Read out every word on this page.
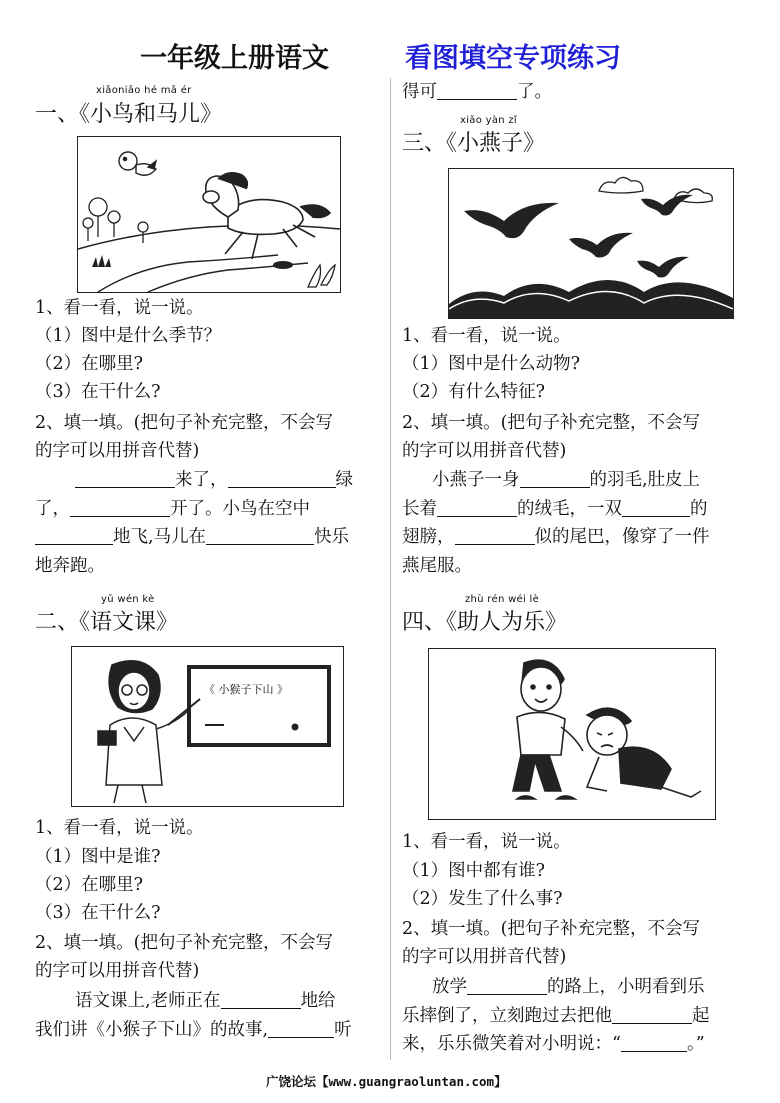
一年级上册语文	看图填空专项练习
xiǎoniǎo hé mǎ ér
一、《小鸟和马儿》
1、看一看，说一说。
（1）图中是什么季节？
（2）在哪里?
（3）在干什么?
2、填一填。(把句子补充完整，不会写
的字可以用拼音代替)
来了，	绿
了，	开了。小鸟在空中
地飞,马儿在	快乐
地奔跑。
yǔ wén kè
二、《语文课》
《 小猴子下山 》
1、看一看，说一说。
（1）图中是谁?
（2）在哪里?
（3）在干什么?
2、填一填。(把句子补充完整，不会写
的字可以用拼音代替)
语文课上,老师正在	地给
我们讲《小猴子下山》的故事,	听
得可	了。
xiǎo yàn zǐ
三、《小燕子》
1、看一看，说一说。
（1）图中是什么动物?
（2）有什么特征?
2、填一填。(把句子补充完整，不会写
的字可以用拼音代替)
小燕子一身	的羽毛,肚皮上
长着	的绒毛，一双	的
翅膀，	似的尾巴，像穿了一件
燕尾服。
zhù rén wéi lè
四、《助人为乐》
1、看一看，说一说。
（1）图中都有谁?
（2）发生了什么事?
2、填一填。(把句子补充完整，不会写
的字可以用拼音代替)
放学	的路上，小明看到乐
乐摔倒了，立刻跑过去把他	起
来，乐乐微笑着对小明说：“	。”
广饶论坛【www.guangraoluntan.com】
